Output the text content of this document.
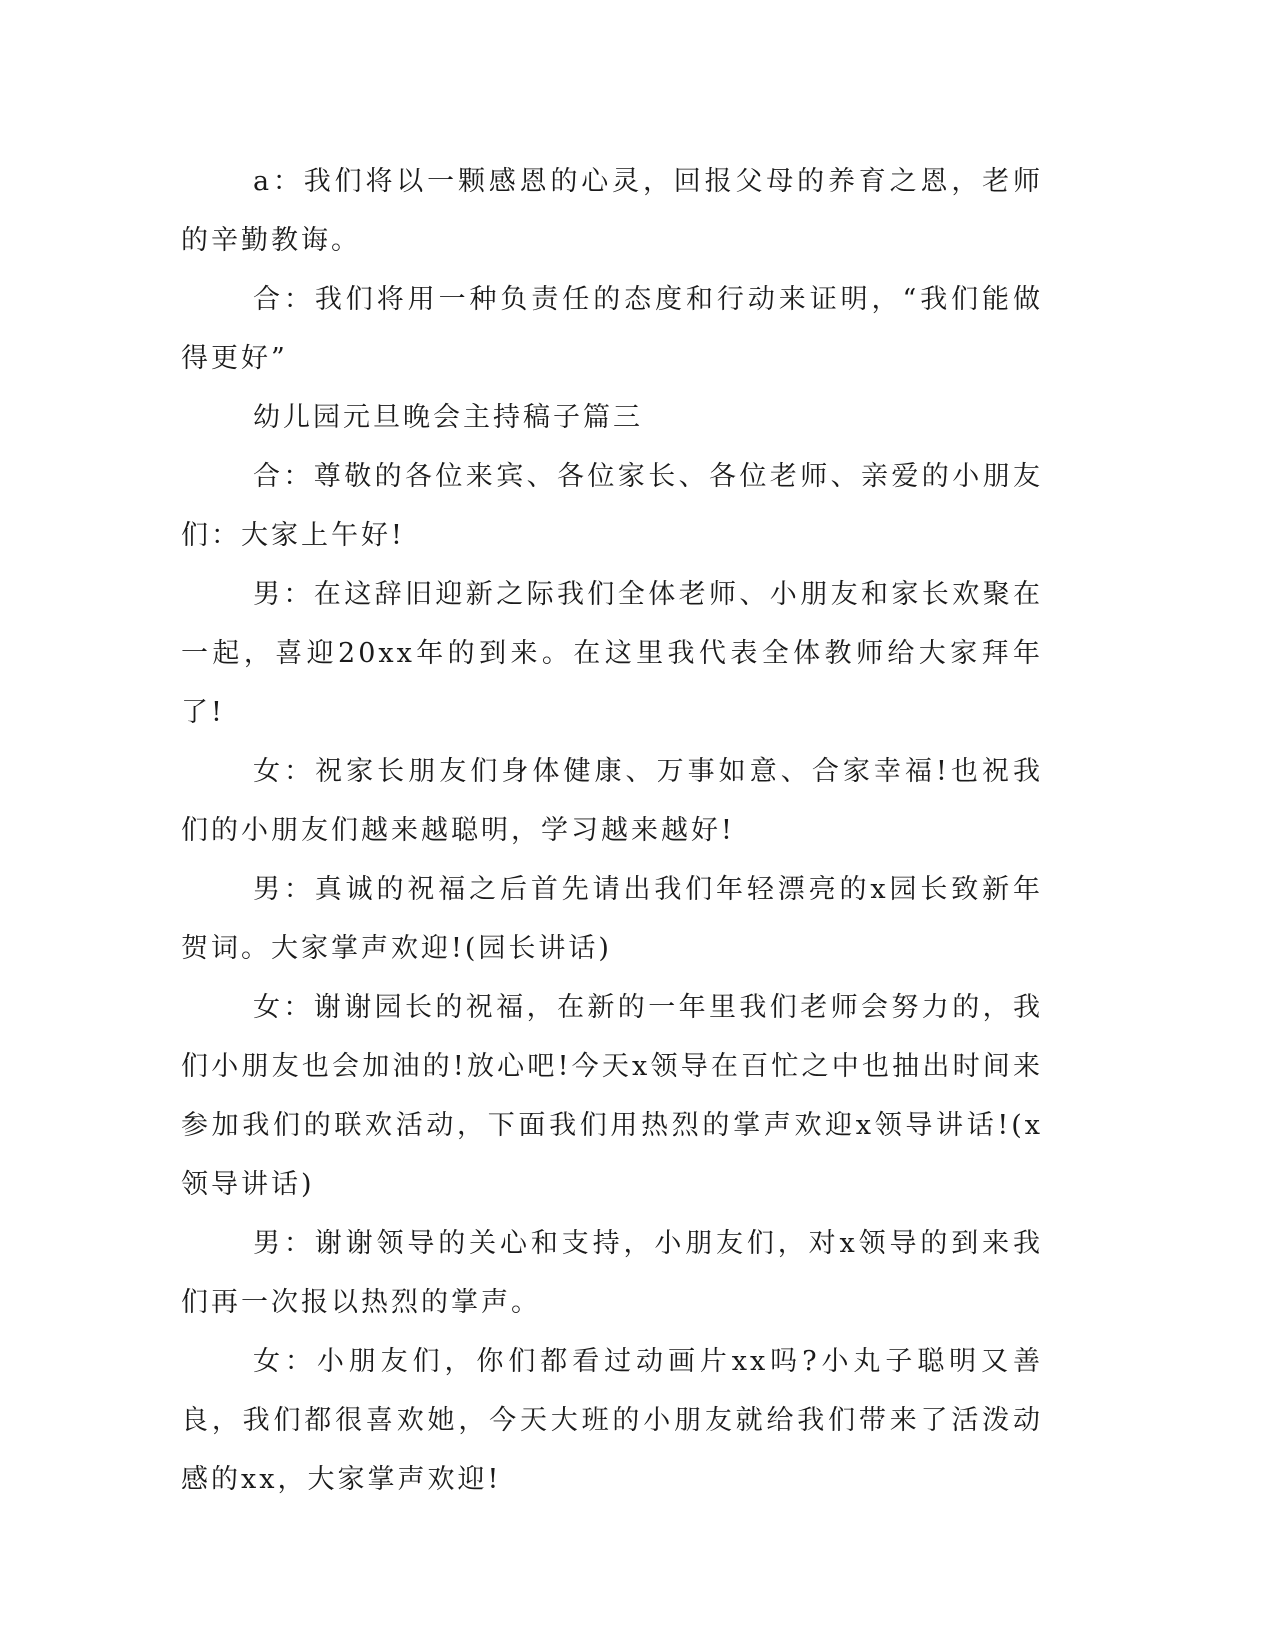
a：我们将以一颗感恩的心灵，回报父母的养育之恩，老师的辛勤教诲。

合：我们将用一种负责任的态度和行动来证明，“我们能做得更好”

幼儿园元旦晚会主持稿子篇三

合：尊敬的各位来宾、各位家长、各位老师、亲爱的小朋友们：大家上午好!

男：在这辞旧迎新之际我们全体老师、小朋友和家长欢聚在一起，喜迎20xx年的到来。在这里我代表全体教师给大家拜年了!

女：祝家长朋友们身体健康、万事如意、合家幸福!也祝我们的小朋友们越来越聪明，学习越来越好!

男：真诚的祝福之后首先请出我们年轻漂亮的x园长致新年贺词。大家掌声欢迎!(园长讲话)

女：谢谢园长的祝福，在新的一年里我们老师会努力的，我们小朋友也会加油的!放心吧!今天x领导在百忙之中也抽出时间来参加我们的联欢活动，下面我们用热烈的掌声欢迎x领导讲话!(x领导讲话)

男：谢谢领导的关心和支持，小朋友们，对x领导的到来我们再一次报以热烈的掌声。

女：小朋友们，你们都看过动画片xx吗?小丸子聪明又善良，我们都很喜欢她，今天大班的小朋友就给我们带来了活泼动感的xx，大家掌声欢迎!
